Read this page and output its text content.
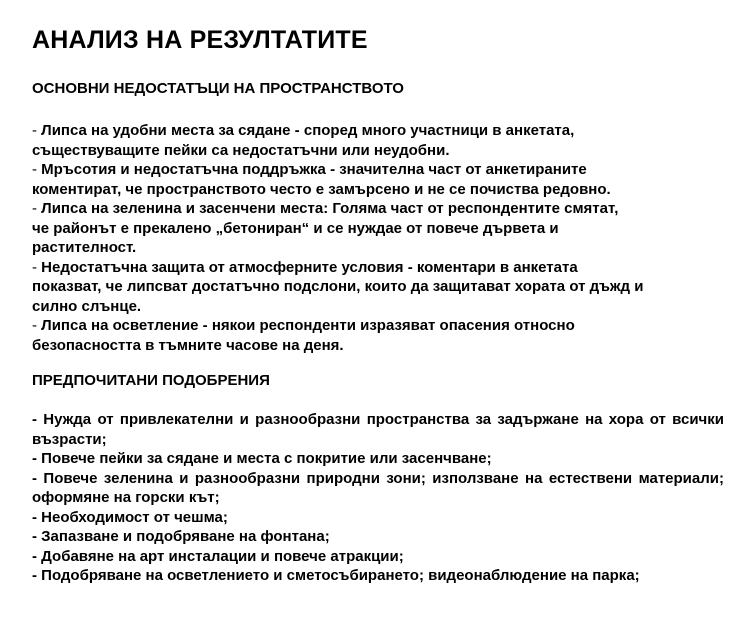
АНАЛИЗ НА РЕЗУЛТАТИТЕ
ОСНОВНИ НЕДОСТАТЪЦИ НА ПРОСТРАНСТВОТО
- Липса на удобни места за сядане - според много участници в анкетата,
съществуващите пейки са недостатъчни или неудобни.
- Мръсотия и недостатъчна поддръжка - значителна част от анкетираните
коментират, че пространството често е замърсено и не се почиства редовно.
- Липса на зеленина и засенчени места: Голяма част от респондентите смятат,
че районът е прекалено „бетониран“ и се нуждае от повече дървета и
растителност.
- Недостатъчна защита от атмосферните условия - коментари в анкетата
показват, че липсват достатъчно подслони, които да защитават хората от дъжд и
силно слънце.
- Липса на осветление - някои респонденти изразяват опасения относно
безопасността в тъмните часове на деня.
ПРЕДПОЧИТАНИ ПОДОБРЕНИЯ
- Нужда от привлекателни и разнообразни пространства за задържане на хора от всички възрасти;
- Повече пейки за сядане и места с покритие или засенчване;
- Повече зеленина и разнообразни природни зони; използване на естествени материали; оформяне на горски кът;
- Необходимост от чешма;
- Запазване и подобряване на фонтана;
- Добавяне на арт инсталации и повече атракции;
- Подобряване на осветлението и сметосъбирането; видеонаблюдение на парка;
